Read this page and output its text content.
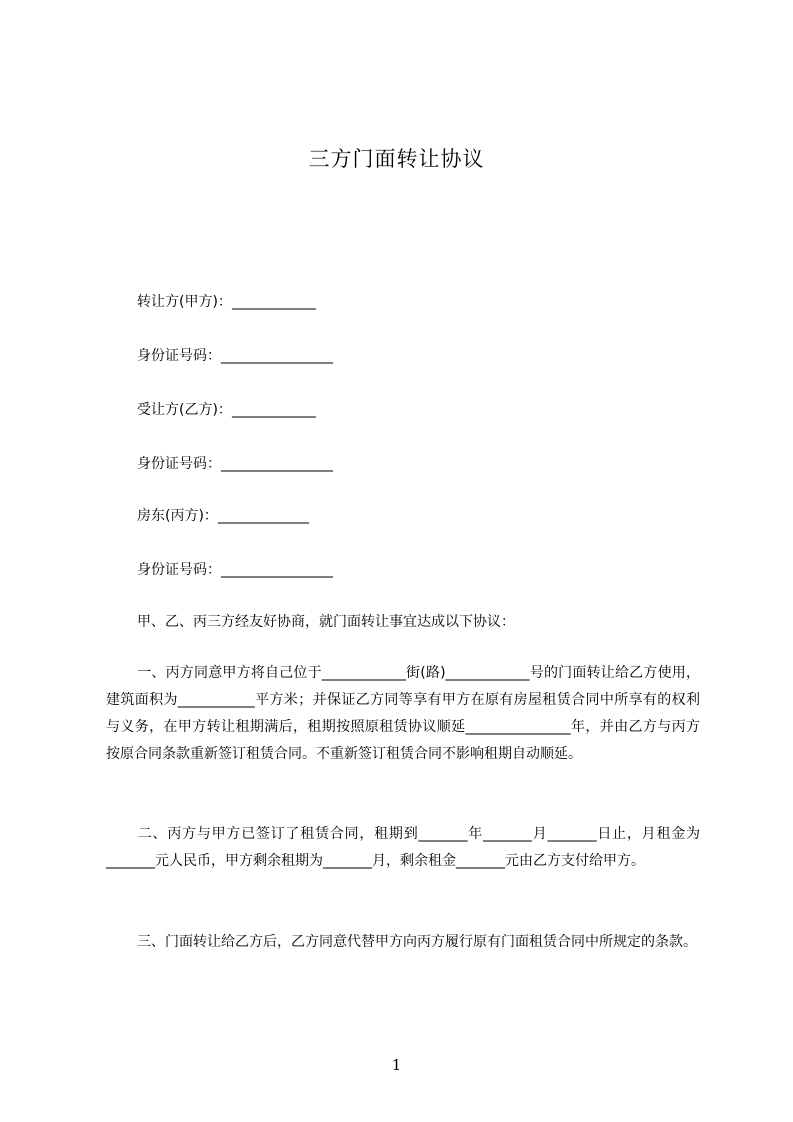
三方门面转让协议
转让方(甲方)：____________
身份证号码：________________
受让方(乙方)：____________
身份证号码：________________
房东(丙方)：_____________
身份证号码：________________
甲、乙、丙三方经友好协商，就门面转让事宜达成以下协议：
一、丙方同意甲方将自己位于____________街(路)____________号的门面转让给乙方使用，建筑面积为___________平方米；并保证乙方同等享有甲方在原有房屋租赁合同中所享有的权利与义务，在甲方转让租期满后，租期按照原租赁协议顺延_______________年，并由乙方与丙方按原合同条款重新签订租赁合同。不重新签订租赁合同不影响租期自动顺延。
二、丙方与甲方已签订了租赁合同，租期到_______年_______月_______日止，月租金为_______元人民币，甲方剩余租期为_______月，剩余租金_______元由乙方支付给甲方。
三、门面转让给乙方后，乙方同意代替甲方向丙方履行原有门面租赁合同中所规定的条款。
1
